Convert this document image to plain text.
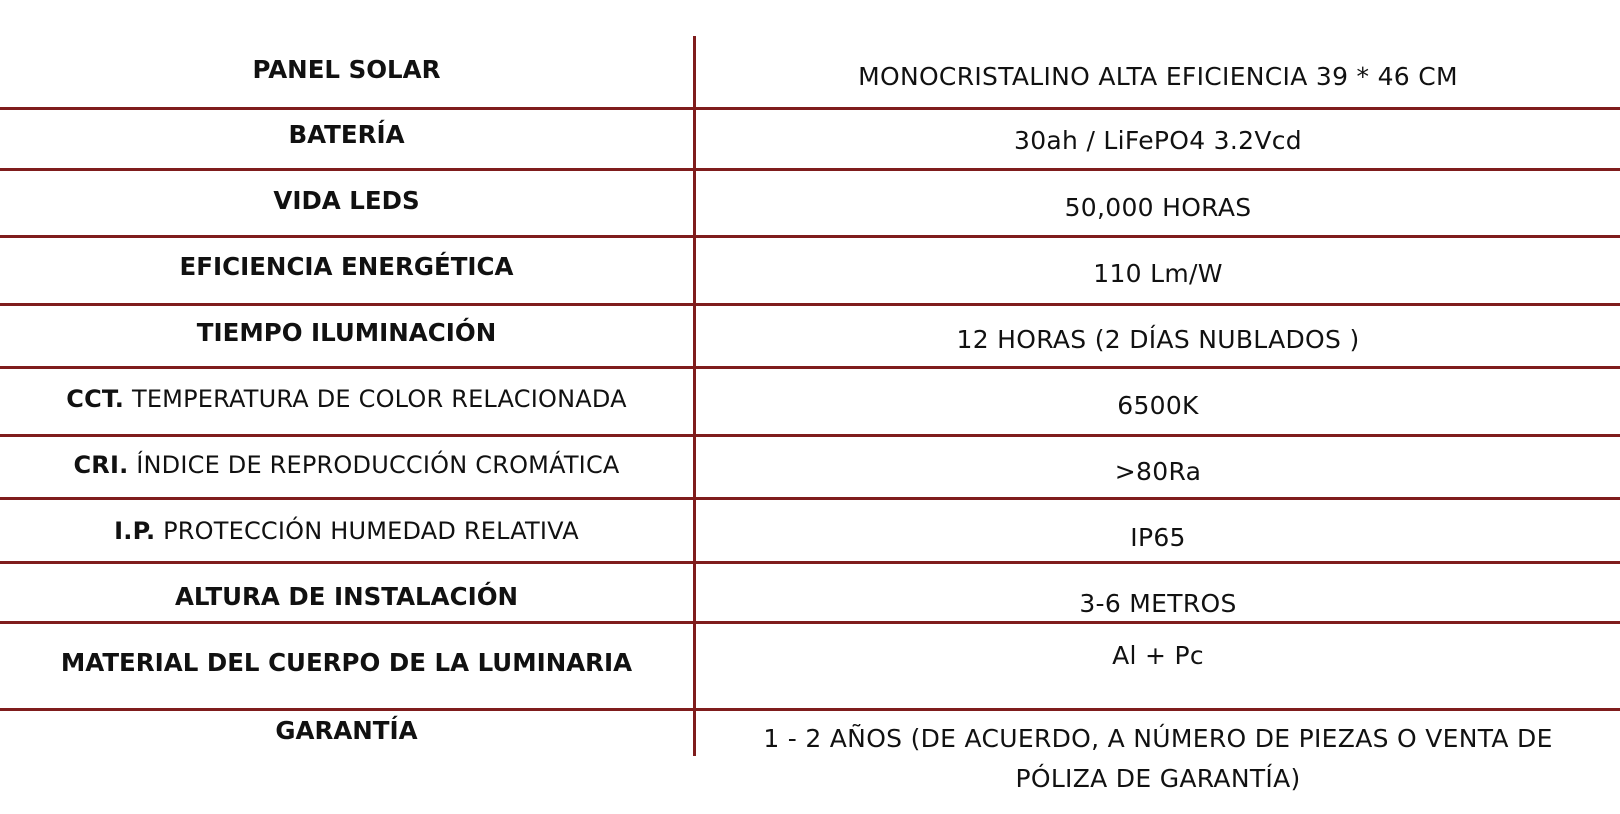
PANEL SOLAR	MONOCRISTALINO ALTA EFICIENCIA 39 * 46 CM
BATERÍA	30ah / LiFePO4 3.2Vcd
VIDA LEDS	50,000 HORAS
EFICIENCIA ENERGÉTICA	110 Lm/W
TIEMPO ILUMINACIÓN	12 HORAS (2 DÍAS NUBLADOS )
CCT. TEMPERATURA DE COLOR RELACIONADA	6500K
CRI. ÍNDICE DE REPRODUCCIÓN CROMÁTICA	>80Ra
I.P. PROTECCIÓN HUMEDAD RELATIVA	IP65
ALTURA DE INSTALACIÓN	3-6 METROS
MATERIAL DEL CUERPO DE LA LUMINARIA	Al + Pc
GARANTÍA	1 - 2 AÑOS (DE ACUERDO, A NÚMERO DE PIEZAS O VENTA DE PÓLIZA DE GARANTÍA)
